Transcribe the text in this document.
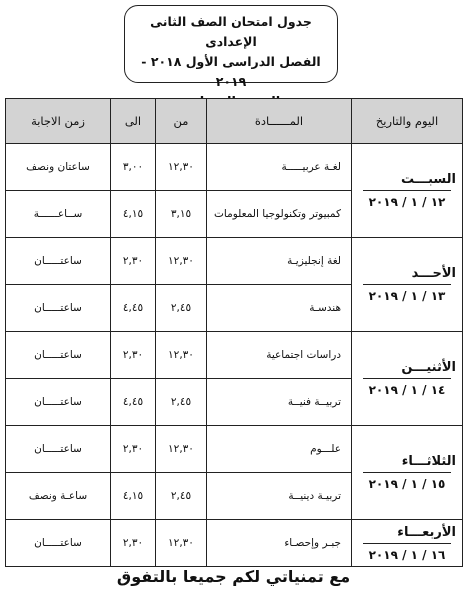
جدول امتحان الصف الثانى الإعدادى
الفصل الدراسى الأول ٢٠١٨ - ٢٠١٩
اليوم والتاريخ	المــــــادة	من	الى	زمن الاجابة

السبـــت
١٢ / ١ / ٢٠١٩	لغـة عربيـــــة	١٢,٣٠	٣,٠٠	ساعتان ونصف
	كمبيوتر وتكنولوجيا المعلومات	٣,١٥	٤,١٥	ســاعــــــة

الأحـــد
١٣ / ١ / ٢٠١٩	لغة إنجليزيـة	١٢,٣٠	٢,٣٠	ساعتـــــان
	هندسـة	٢,٤٥	٤,٤٥	ساعتـــــان

الأثنيـــن
١٤ / ١ / ٢٠١٩	دراسات اجتماعية	١٢,٣٠	٢,٣٠	ساعتـــــان
	تربيــة فنيــة	٢,٤٥	٤,٤٥	ساعتـــــان

الثلاثـــاء
١٥ / ١ / ٢٠١٩	علـــوم	١٢,٣٠	٢,٣٠	ساعتـــــان
	تربيـة دينيــة	٢,٤٥	٤,١٥	ساعـة ونصف

الأربعـــاء
١٦ / ١ / ٢٠١٩	جبـر وإحصـاء	١٢,٣٠	٢,٣٠	ساعتـــــان
مع تمنياتي لكم جميعا بالتفوق
